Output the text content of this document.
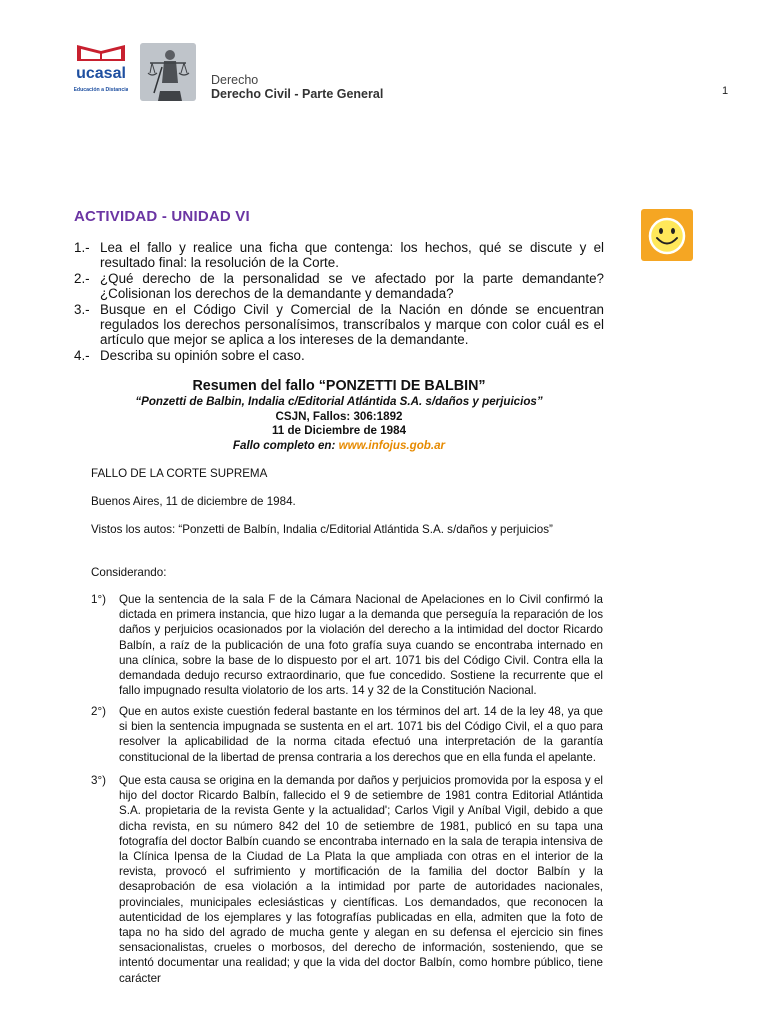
ucasal
Educación a Distancia
Derecho
Derecho Civil - Parte General	1
ACTIVIDAD - UNIDAD VI
1.- Lea el fallo y realice una ficha que contenga: los hechos, qué se discute y el resultado final: la resolución de la Corte.
2.- ¿Qué derecho de la personalidad se ve afectado por la parte demandante? ¿Colisionan los derechos de la demandante y demandada?
3.- Busque en el Código Civil y Comercial de la Nación en dónde se encuentran regulados los derechos personalísimos, transcríbalos y marque con color cuál es el artículo que mejor se aplica a los intereses de la demandante.
4.- Describa su opinión sobre el caso.
Resumen del fallo “PONZETTI DE BALBIN”
“Ponzetti de Balbin, Indalia c/Editorial Atlántida S.A. s/daños y perjuicios”
CSJN, Fallos: 306:1892
11 de Diciembre de 1984
Fallo completo en: www.infojus.gob.ar
FALLO DE LA CORTE SUPREMA
Buenos Aires, 11 de diciembre de 1984.
Vistos los autos: “Ponzetti de Balbín, Indalia c/Editorial Atlántida S.A. s/daños y perjuicios”
Considerando:
1°)	Que la sentencia de la sala F de la Cámara Nacional de Apelaciones en lo Civil confirmó la dictada en primera instancia, que hizo lugar a la demanda que perseguía la reparación de los daños y perjuicios ocasionados por la violación del derecho a la intimidad del doctor Ricardo Balbín, a raíz de la publicación de una foto grafía suya cuando se encontraba internado en una clínica, sobre la base de lo dispuesto por el art. 1071 bis del Código Civil. Contra ella la demandada dedujo recurso extraordinario, que fue concedido. Sostiene la recurrente que el fallo impugnado resulta violatorio de los arts. 14 y 32 de la Constitución Nacional.
2°)	Que en autos existe cuestión federal bastante en los términos del art. 14 de la ley 48, ya que si bien la sentencia impugnada se sustenta en el art. 1071 bis del Código Civil, el a quo para resolver la aplicabilidad de la norma citada efectuó una interpretación de la garantía constitucional de la libertad de prensa contraria a los derechos que en ella funda el apelante.
3°)	Que esta causa se origina en la demanda por daños y perjuicios promovida por la esposa y el hijo del doctor Ricardo Balbín, fallecido el 9 de setiembre de 1981 contra Editorial Atlántida S.A. propietaria de la revista Gente y la actualidad'; Carlos Vigil y Aníbal Vigil, debido a que dicha revista, en su número 842 del 10 de setiembre de 1981, publicó en su tapa una fotografía del doctor Balbín cuando se encontraba internado en la sala de terapia intensiva de la Clínica Ipensa de la Ciudad de La Plata la que ampliada con otras en el interior de la revista, provocó el sufrimiento y mortificación de la familia del doctor Balbín y la desaprobación de esa violación a la intimidad por parte de autoridades nacionales, provinciales, municipales eclesiásticas y científicas. Los demandados, que reconocen la autenticidad de los ejemplares y las fotografías publicadas en ella, admiten que la foto de tapa no ha sido del agrado de mucha gente y alegan en su defensa el ejercicio sin fines sensacionalistas, crueles o morbosos, del derecho de información, sosteniendo, que se intentó documentar una realidad; y que la vida del doctor Balbín, como hombre público, tiene carácter
